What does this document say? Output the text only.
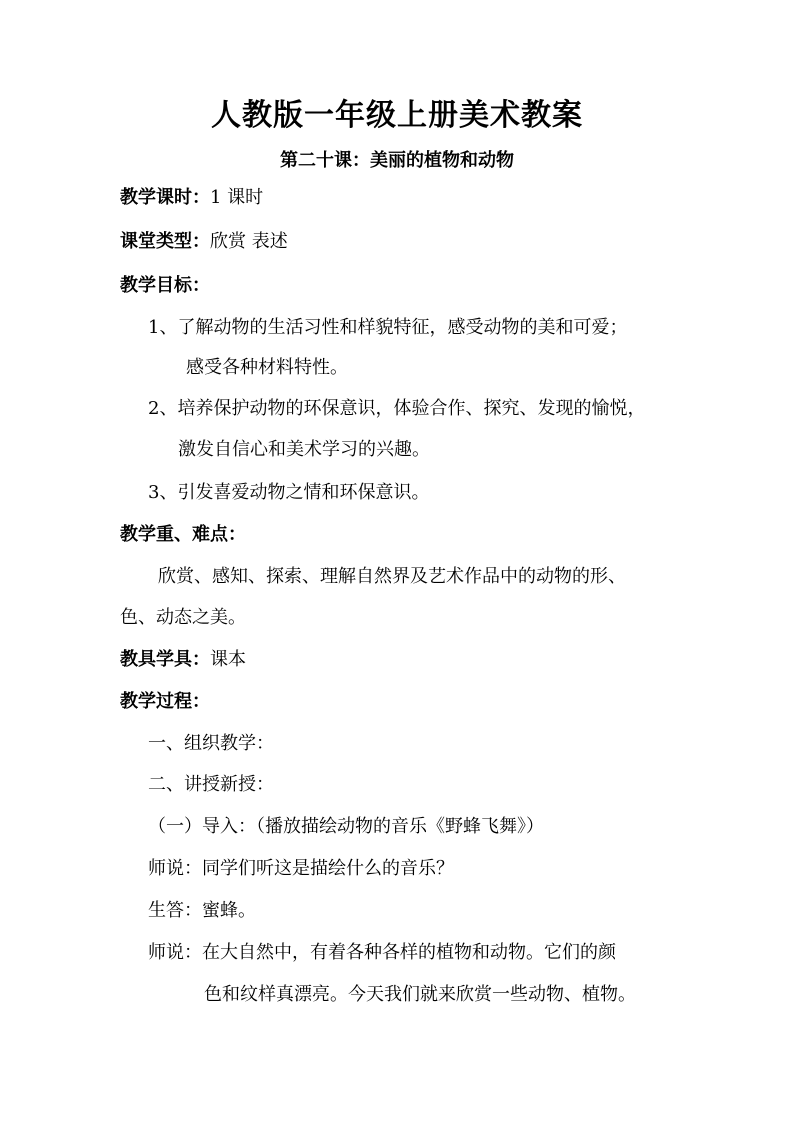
人教版一年级上册美术教案
第二十课：美丽的植物和动物
教学课时：1 课时
课堂类型：欣赏 表述
教学目标：
1、了解动物的生活习性和样貌特征，感受动物的美和可爱；
感受各种材料特性。
2、培养保护动物的环保意识，体验合作、探究、发现的愉悦，
激发自信心和美术学习的兴趣。
3、引发喜爱动物之情和环保意识。
教学重、难点：
欣赏、感知、探索、理解自然界及艺术作品中的动物的形、
色、动态之美。
教具学具：课本
教学过程：
一、组织教学：
二、讲授新授：
（一）导入：（播放描绘动物的音乐《野蜂飞舞》）
师说：同学们听这是描绘什么的音乐？
生答：蜜蜂。
师说：在大自然中，有着各种各样的植物和动物。它们的颜
色和纹样真漂亮。今天我们就来欣赏一些动物、植物。
